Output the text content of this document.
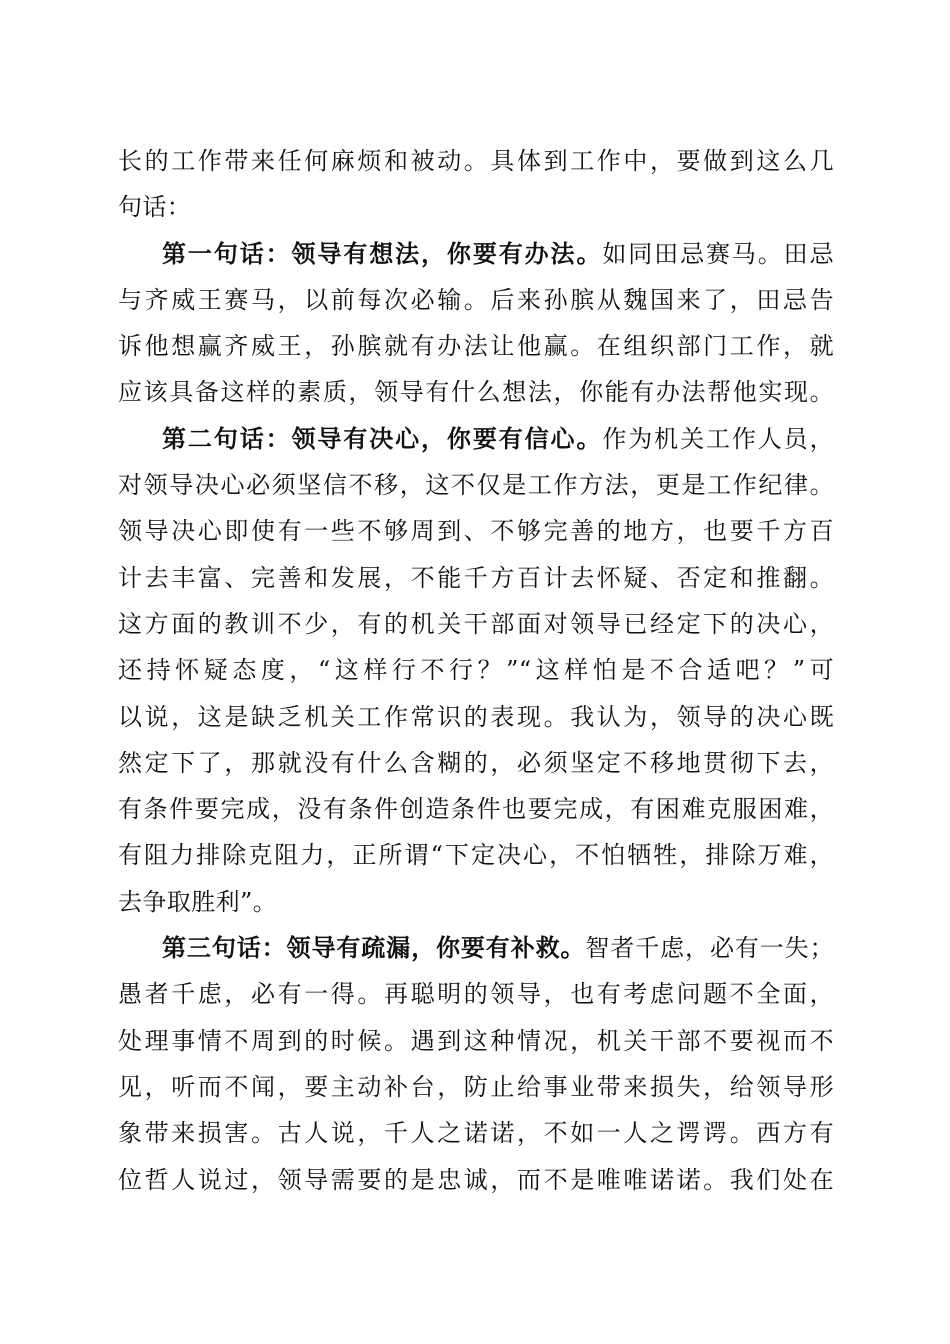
长的工作带来任何麻烦和被动。具体到工作中，要做到这么几
句话：
第一句话：领导有想法，你要有办法。如同田忌赛马。田忌
与齐威王赛马，以前每次必输。后来孙膑从魏国来了，田忌告
诉他想赢齐威王，孙膑就有办法让他赢。在组织部门工作，就
应该具备这样的素质，领导有什么想法，你能有办法帮他实现。
第二句话：领导有决心，你要有信心。作为机关工作人员，
对领导决心必须坚信不移，这不仅是工作方法，更是工作纪律。
领导决心即使有一些不够周到、不够完善的地方，也要千方百
计去丰富、完善和发展，不能千方百计去怀疑、否定和推翻。
这方面的教训不少，有的机关干部面对领导已经定下的决心，
还持怀疑态度，“这样行不行？”“这样怕是不合适吧？”可
以说，这是缺乏机关工作常识的表现。我认为，领导的决心既
然定下了，那就没有什么含糊的，必须坚定不移地贯彻下去，
有条件要完成，没有条件创造条件也要完成，有困难克服困难，
有阻力排除克阻力，正所谓“下定决心，不怕牺牲，排除万难，
去争取胜利”。
第三句话：领导有疏漏，你要有补救。智者千虑，必有一失；
愚者千虑，必有一得。再聪明的领导，也有考虑问题不全面，
处理事情不周到的时候。遇到这种情况，机关干部不要视而不
见，听而不闻，要主动补台，防止给事业带来损失，给领导形
象带来损害。古人说，千人之诺诺，不如一人之谔谔。西方有
位哲人说过，领导需要的是忠诚，而不是唯唯诺诺。我们处在
